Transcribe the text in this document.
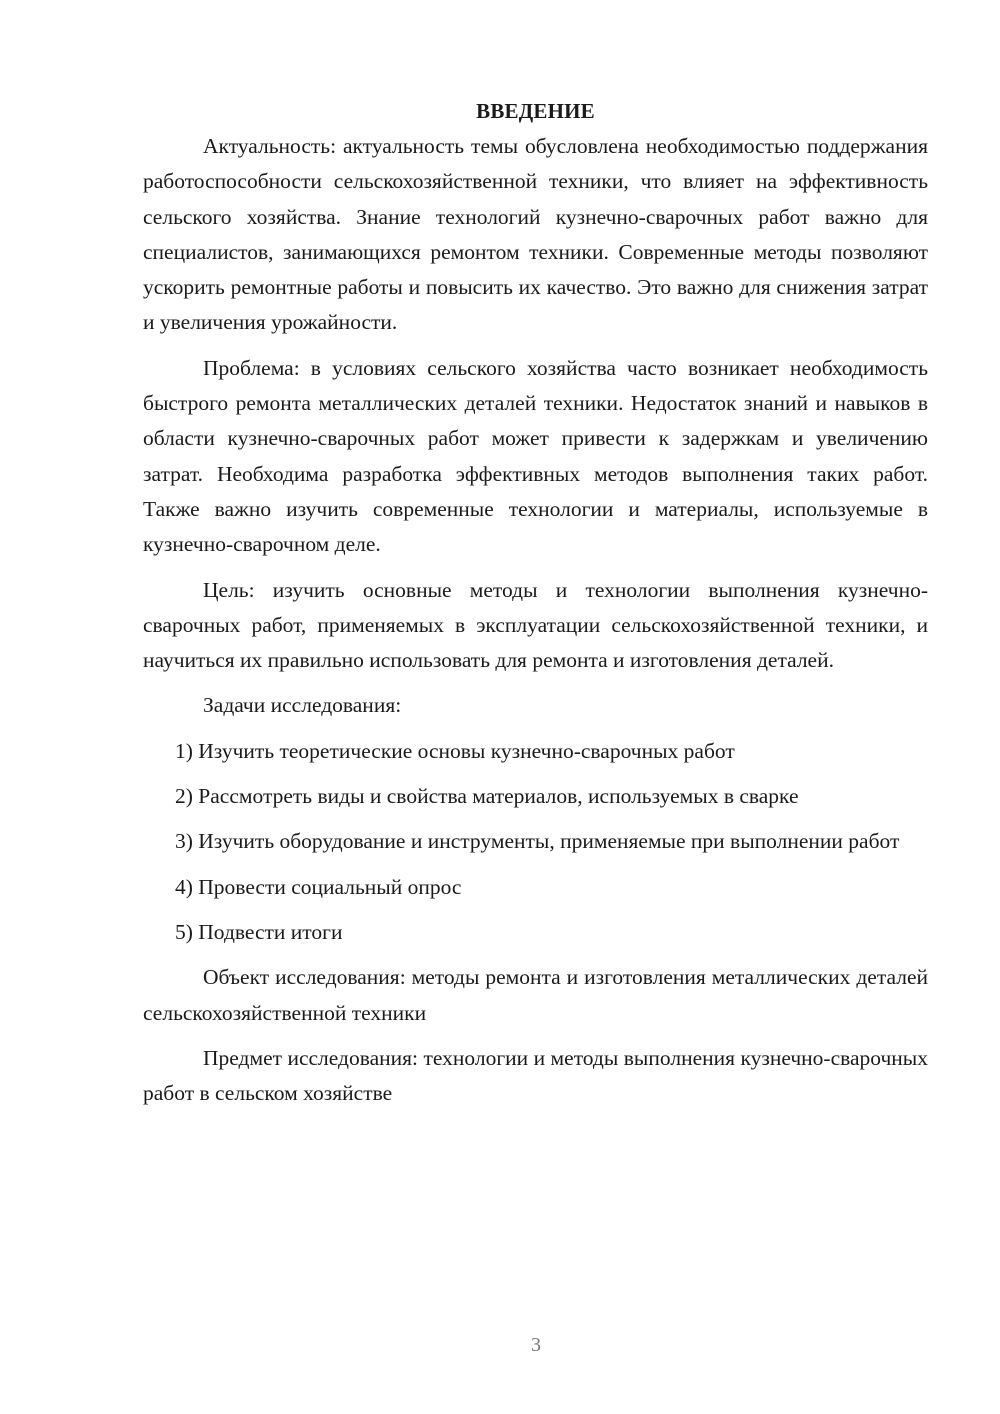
ВВЕДЕНИЕ

Актуальность: актуальность темы обусловлена необходимостью поддержания работоспособности сельскохозяйственной техники, что влияет на эффективность сельского хозяйства. Знание технологий кузнечно-сварочных работ важно для специалистов, занимающихся ремонтом техники. Современные методы позволяют ускорить ремонтные работы и повысить их качество. Это важно для снижения затрат и увеличения урожайности.

Проблема: в условиях сельского хозяйства часто возникает необходимость быстрого ремонта металлических деталей техники. Недостаток знаний и навыков в области кузнечно-сварочных работ может привести к задержкам и увеличению затрат. Необходима разработка эффективных методов выполнения таких работ. Также важно изучить современные технологии и материалы, используемые в кузнечно-сварочном деле.

Цель: изучить основные методы и технологии выполнения кузнечно-сварочных работ, применяемых в эксплуатации сельскохозяйственной техники, и научиться их правильно использовать для ремонта и изготовления деталей.

Задачи исследования:

1) Изучить теоретические основы кузнечно-сварочных работ

2) Рассмотреть виды и свойства материалов, используемых в сварке

3) Изучить оборудование и инструменты, применяемые при выполнении работ

4) Провести социальный опрос

5) Подвести итоги

Объект исследования: методы ремонта и изготовления металлических деталей сельскохозяйственной техники

Предмет исследования: технологии и методы выполнения кузнечно-сварочных работ в сельском хозяйстве

3
